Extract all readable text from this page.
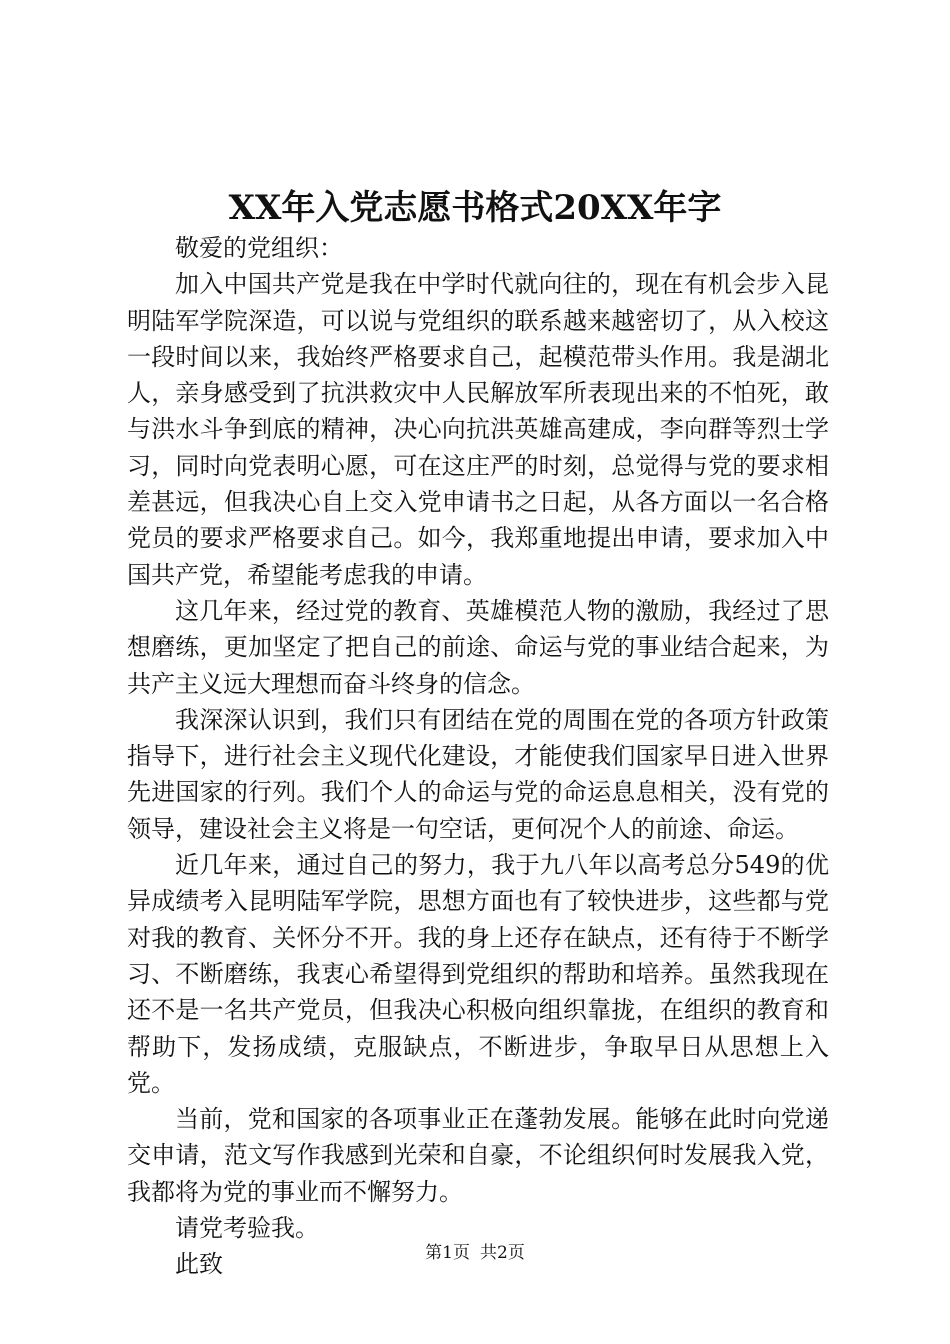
XX年入党志愿书格式20XX年字

敬爱的党组织：

加入中国共产党是我在中学时代就向往的，现在有机会步入昆明陆军学院深造，可以说与党组织的联系越来越密切了，从入校这一段时间以来，我始终严格要求自己，起模范带头作用。我是湖北人，亲身感受到了抗洪救灾中人民解放军所表现出来的不怕死，敢与洪水斗争到底的精神，决心向抗洪英雄高建成，李向群等烈士学习，同时向党表明心愿，可在这庄严的时刻，总觉得与党的要求相差甚远，但我决心自上交入党申请书之日起，从各方面以一名合格党员的要求严格要求自己。如今，我郑重地提出申请，要求加入中国共产党，希望能考虑我的申请。

这几年来，经过党的教育、英雄模范人物的激励，我经过了思想磨练，更加坚定了把自己的前途、命运与党的事业结合起来，为共产主义远大理想而奋斗终身的信念。

我深深认识到，我们只有团结在党的周围在党的各项方针政策指导下，进行社会主义现代化建设，才能使我们国家早日进入世界先进国家的行列。我们个人的命运与党的命运息息相关，没有党的领导，建设社会主义将是一句空话，更何况个人的前途、命运。

近几年来，通过自己的努力，我于九八年以高考总分549的优异成绩考入昆明陆军学院，思想方面也有了较快进步，这些都与党对我的教育、关怀分不开。我的身上还存在缺点，还有待于不断学习、不断磨练，我衷心希望得到党组织的帮助和培养。虽然我现在还不是一名共产党员，但我决心积极向组织靠拢，在组织的教育和帮助下，发扬成绩，克服缺点，不断进步，争取早日从思想上入党。

当前，党和国家的各项事业正在蓬勃发展。能够在此时向党递交申请，范文写作我感到光荣和自豪，不论组织何时发展我入党，我都将为党的事业而不懈努力。

请党考验我。

此致	第1页 共2页
